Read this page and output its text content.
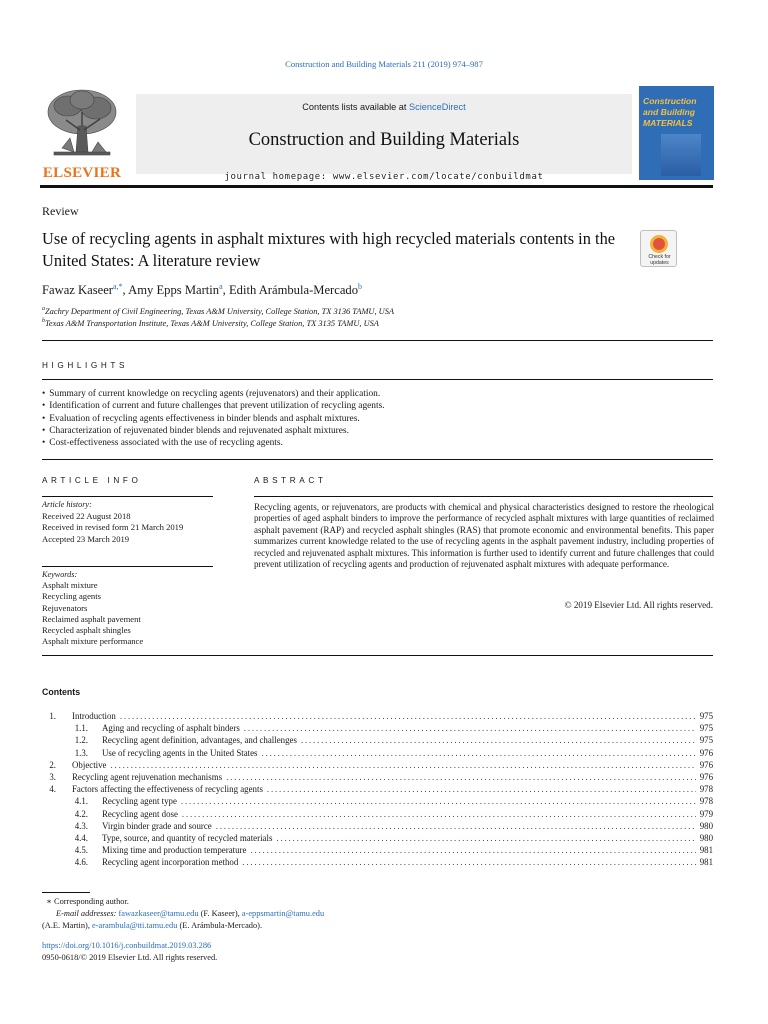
Construction and Building Materials 211 (2019) 974–987
ELSEVIER
Contents lists available at ScienceDirect
Construction and Building Materials
journal homepage: www.elsevier.com/locate/conbuildmat
Construction
and Building
MATERIALS
Review
Use of recycling agents in asphalt mixtures with high recycled materials contents in the United States: A literature review	Check for
updates
Fawaz Kaseer$^{a,*}$, Amy Epps Martin$^a$, Edith Arámbula-Mercado$^b$
$^a$Zachry Department of Civil Engineering, Texas A&M University, College Station, TX 3136 TAMU, USA
$^b$Texas A&M Transportation Institute, Texas A&M University, College Station, TX 3135 TAMU, USA
HIGHLIGHTS
• Summary of current knowledge on recycling agents (rejuvenators) and their application.
• Identification of current and future challenges that prevent utilization of recycling agents.
• Evaluation of recycling agents effectiveness in binder blends and asphalt mixtures.
• Characterization of rejuvenated binder blends and rejuvenated asphalt mixtures.
• Cost-effectiveness associated with the use of recycling agents.
ARTICLE INFO
Article history:
Received 22 August 2018
Received in revised form 21 March 2019
Accepted 23 March 2019
Keywords:
Asphalt mixture
Recycling agents
Rejuvenators
Reclaimed asphalt pavement
Recycled asphalt shingles
Asphalt mixture performance
ABSTRACT

Recycling agents, or rejuvenators, are products with chemical and physical characteristics designed to restore the rheological properties of aged asphalt binders to improve the performance of recycled asphalt mixtures with large quantities of reclaimed asphalt pavement (RAP) and recycled asphalt shingles (RAS) that promote economic and environmental benefits. This paper summarizes current knowledge related to the use of recycling agents in the asphalt pavement industry, including properties of recycled and rejuvenated asphalt mixtures. This information is further used to identify current and future challenges that could prevent utilization of recycling agents and production of rejuvenated asphalt mixtures with adequate performance.

© 2019 Elsevier Ltd. All rights reserved.
Contents
1. Introduction . . .	975
1.1. Aging and recycling of asphalt binders . . .	975
1.2. Recycling agent definition, advantages, and challenges . . .	975
1.3. Use of recycling agents in the United States . . .	976
2. Objective . . .	976
3. Recycling agent rejuvenation mechanisms . . .	976
4. Factors affecting the effectiveness of recycling agents . . .	978
4.1. Recycling agent type . . .	978
4.2. Recycling agent dose . . .	979
4.3. Virgin binder grade and source . . .	980
4.4. Type, source, and quantity of recycled materials . . .	980
4.5. Mixing time and production temperature . . .	981
4.6. Recycling agent incorporation method . . .	981
∗ Corresponding author.
E-mail addresses: fawazkaseer@tamu.edu (F. Kaseer), a-eppsmartin@tamu.edu
(A.E. Martin), e-arambula@tti.tamu.edu (E. Arámbula-Mercado).
https://doi.org/10.1016/j.conbuildmat.2019.03.286
0950-0618/© 2019 Elsevier Ltd. All rights reserved.
